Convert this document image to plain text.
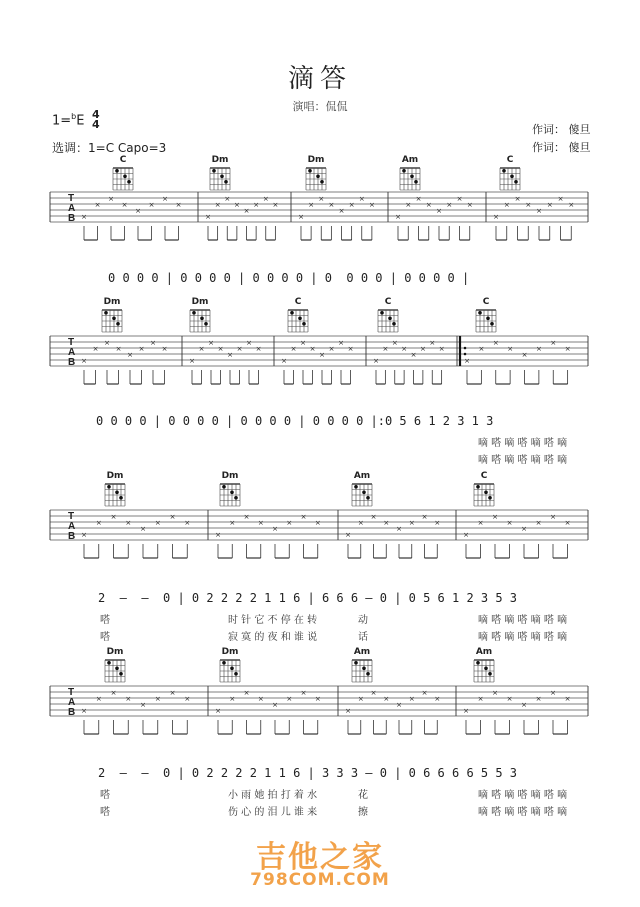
滴答
演唱：侃侃
1=$^b$E 4
4
选调：1=C Capo=3
作词： 傻旦
作词： 傻旦
T
A
B ×
×
×
×
×
×
×
×
×
×
×
×
×
×
×
×
×
×
×
×
×
×
×
×
×
×
×
×
×
×
×
×
×
×
×
×
×
×
×
×
T
A
B ×
×
×
×
×
×
×
×
×
×
×
×
×
×
×
×
×
×
×
×
×
×
×
×
×
×
×
×
×
×
×
×
×
×
×
×
×
×
×
×
T
A
B ×
×
×
×
×
×
×
×
×
×
×
×
×
×
×
×
×
×
×
×
×
×
×
×
×
×
×
×
×
×
×
×
T
A
B ×
×
×
×
×
×
×
×
×
×
×
×
×
×
×
×
×
×
×
×
×
×
×
×
×
×
×
×
×
×
×
×
C	Dm	Dm	Am	C
Dm	Dm	C	C	C
Dm	Dm	Am	C
Dm	Dm	Am	Am
0 0 0 0 | 0 0 0 0 | 0 0 0 0 | 0  0 0 0 | 0 0 0 0 |
0 0 0 0 | 0 0 0 0 | 0 0 0 0 | 0 0 0 0 |:0 5 6 1 2 3 1 3
2  —  —  0 | 0 2 2 2 2 1 1 6 | 6 6 6 — 0 | 0 5 6 1 2 3 5 3
2  —  —  0 | 0 2 2 2 2 1 1 6 | 3 3 3 — 0 | 0 6 6 6 6 5 5 3
嘀 嗒 嘀 嗒 嘀 嗒 嘀
嘀 嗒 嘀 嗒 嘀 嗒 嘀
嗒	时 针 它 不 停 在 转	动	嘀 嗒 嘀 嗒 嘀 嗒 嘀
嗒	寂 寞 的 夜 和 谁 说	话	嘀 嗒 嘀 嗒 嘀 嗒 嘀
嗒	小 雨 她 拍 打 着 水	花	嘀 嗒 嘀 嗒 嘀 嗒 嘀
嗒	伤 心 的 泪 儿 谁 来	擦	嘀 嗒 嘀 嗒 嘀 嗒 嘀
吉他之家
798COM.COM
